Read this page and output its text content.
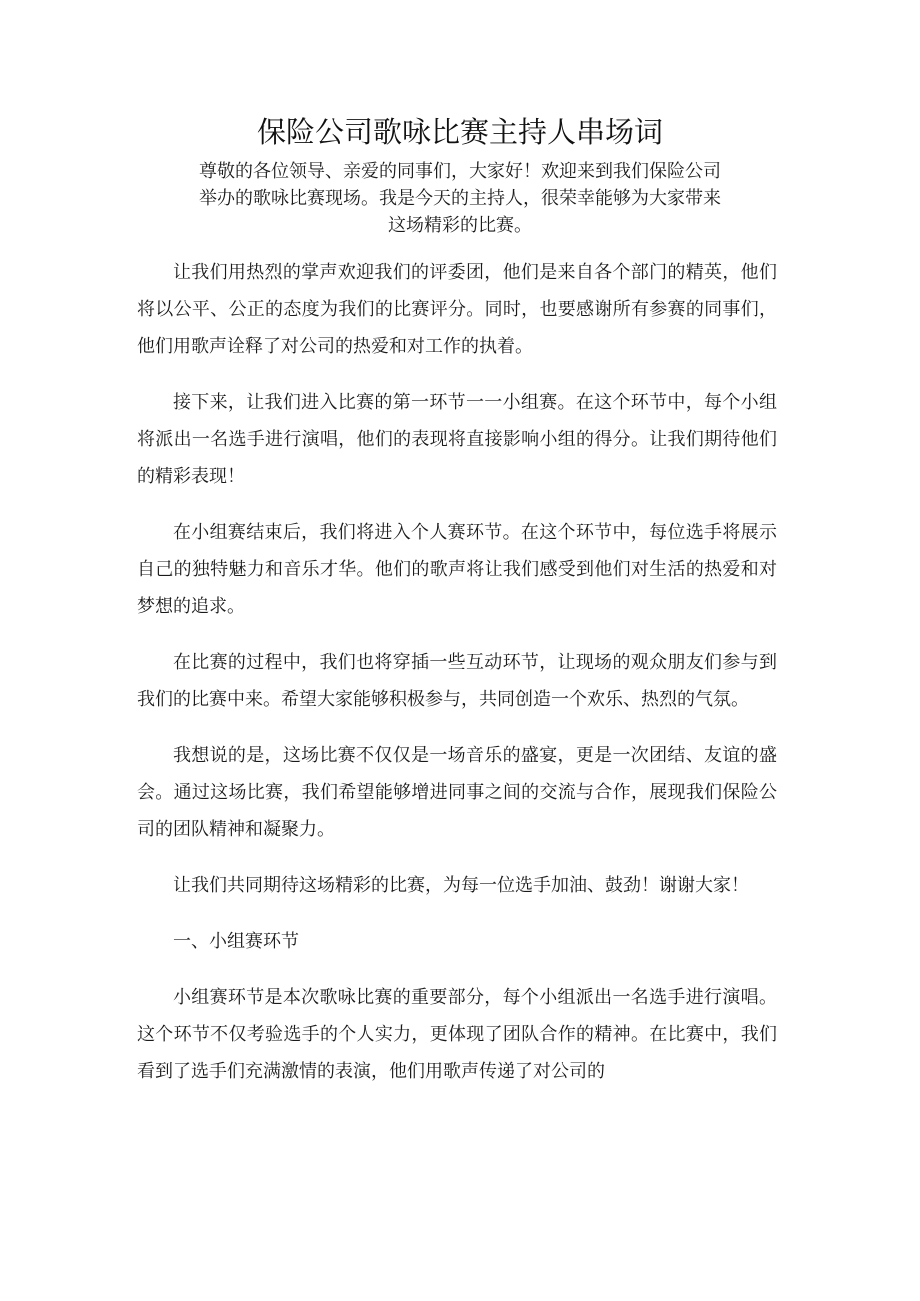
保险公司歌咏比赛主持人串场词
尊敬的各位领导、亲爱的同事们，大家好！欢迎来到我们保险公司
举办的歌咏比赛现场。我是今天的主持人，很荣幸能够为大家带来
这场精彩的比赛。

让我们用热烈的掌声欢迎我们的评委团，他们是来自各个部门的精英，他们将以公平、公正的态度为我们的比赛评分。同时，也要感谢所有参赛的同事们，他们用歌声诠释了对公司的热爱和对工作的执着。

接下来，让我们进入比赛的第一环节一一小组赛。在这个环节中，每个小组将派出一名选手进行演唱，他们的表现将直接影响小组的得分。让我们期待他们的精彩表现！

在小组赛结束后，我们将进入个人赛环节。在这个环节中，每位选手将展示自己的独特魅力和音乐才华。他们的歌声将让我们感受到他们对生活的热爱和对梦想的追求。

在比赛的过程中，我们也将穿插一些互动环节，让现场的观众朋友们参与到我们的比赛中来。希望大家能够积极参与，共同创造一个欢乐、热烈的气氛。

我想说的是，这场比赛不仅仅是一场音乐的盛宴，更是一次团结、友谊的盛会。通过这场比赛，我们希望能够增进同事之间的交流与合作，展现我们保险公司的团队精神和凝聚力。

让我们共同期待这场精彩的比赛，为每一位选手加油、鼓劲！谢谢大家！

一、小组赛环节

小组赛环节是本次歌咏比赛的重要部分，每个小组派出一名选手进行演唱。这个环节不仅考验选手的个人实力，更体现了团队合作的精神。在比赛中，我们看到了选手们充满激情的表演，他们用歌声传递了对公司的
